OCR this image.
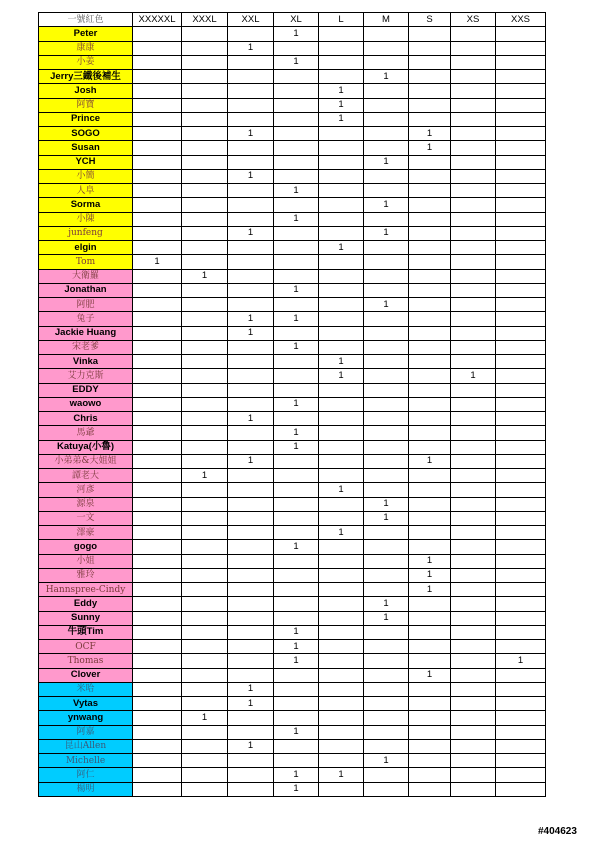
一號紅色	XXXXXL	XXXL	XXL	XL	L	M	S	XS	XXS
Peter				1					
康康			1						
小姜				1					
Jerry三鐵後補生						1			
Josh					1				
阿寶					1				
Prince					1				
SOGO			1				1		
Susan							1		
YCH						1			
小簡			1						
人阜				1					
Sorma						1			
小陳				1					
junfeng			1			1			
elgin					1				
Tom	1								
大衛羅		1							
Jonathan				1					
阿肥						1			
兔子			1	1					
Jackie Huang			1						
宋老爹				1					
Vinka					1				
艾力克斯					1			1	
EDDY									
waowo				1					
Chris			1						
馬爺				1					
Katuya(小魯)				1					
小弟弟&大姐姐			1				1		
譚老大		1							
河彥					1				
源泉						1			
一文						1			
澤豪					1				
gogo				1					
小姐							1		
雅玲							1		
Hannspree-Cindy							1		
Eddy						1			
Sunny						1			
牛頭Tim				1					
OCF				1					
Thomas				1					1
Clover							1		
米哈			1						
Vytas			1						
ynwang		1							
阿嘉				1					
昆山Allen			1						
Michelle						1			
阿仁				1	1				
楊明				1					
#404623
